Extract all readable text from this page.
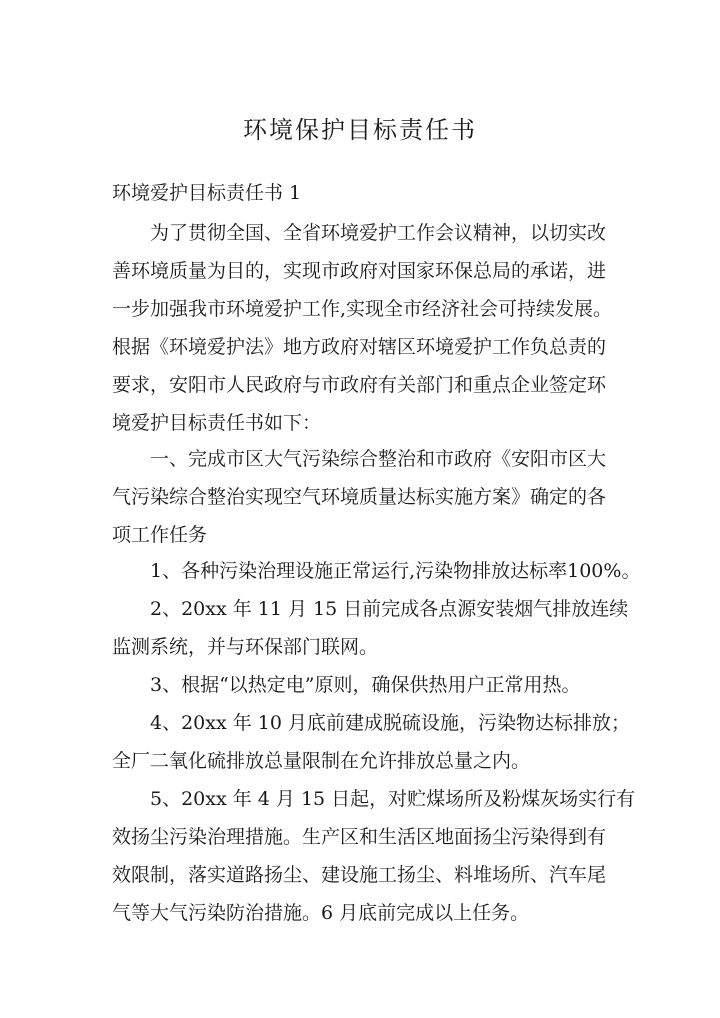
环境保护目标责任书
环境爱护目标责任书 1

为了贯彻全国、全省环境爱护工作会议精神，以切实改
善环境质量为目的，实现市政府对国家环保总局的承诺，进
一步加强我市环境爱护工作,实现全市经济社会可持续发展。
根据《环境爱护法》地方政府对辖区环境爱护工作负总责的
要求，安阳市人民政府与市政府有关部门和重点企业签定环
境爱护目标责任书如下：

一、完成市区大气污染综合整治和市政府《安阳市区大
气污染综合整治实现空气环境质量达标实施方案》确定的各
项工作任务

1、各种污染治理设施正常运行,污染物排放达标率100%。

2、20xx 年 11 月 15 日前完成各点源安装烟气排放连续
监测系统，并与环保部门联网。

3、根据“以热定电”原则，确保供热用户正常用热。

4、20xx 年 10 月底前建成脱硫设施，污染物达标排放；
全厂二氧化硫排放总量限制在允许排放总量之内。

5、20xx 年 4 月 15 日起，对贮煤场所及粉煤灰场实行有
效扬尘污染治理措施。生产区和生活区地面扬尘污染得到有
效限制，落实道路扬尘、建设施工扬尘、料堆场所、汽车尾
气等大气污染防治措施。6 月底前完成以上任务。
